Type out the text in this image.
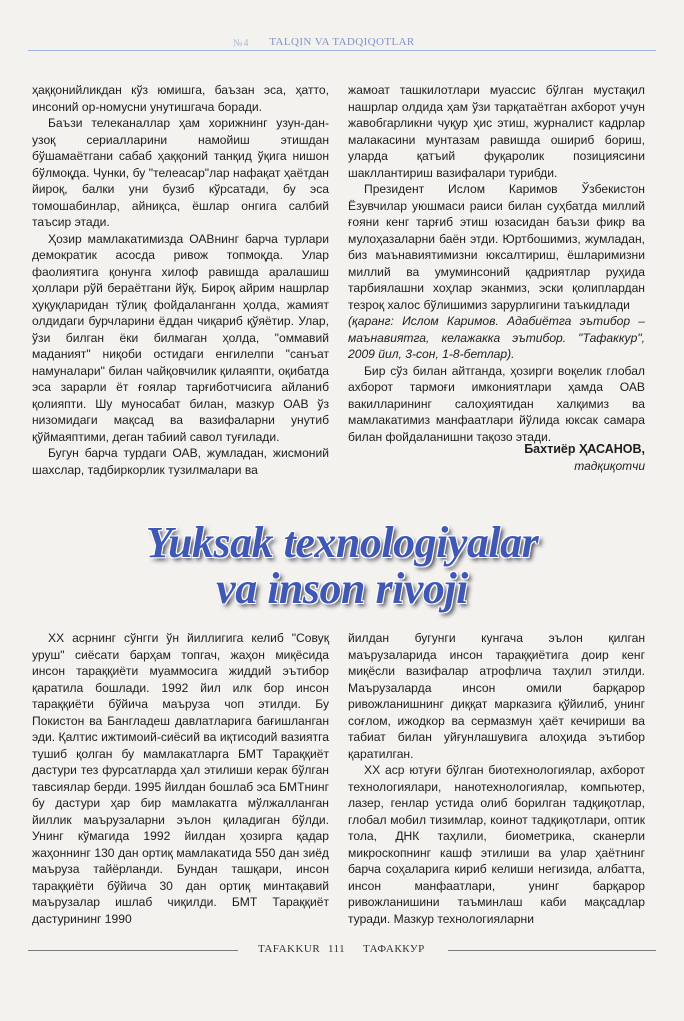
№4	TALQIN VA TADQIQOTLAR

ҳаққонийликдан кўз юмишга, баъзан эса, ҳатто, инсоний ор-номусни унутишгача боради.

Баъзи телеканаллар ҳам хорижнинг узун-дан-узоқ сериалларини намойиш этишдан бўшамаётгани сабаб ҳаққоний танқид ўқига нишон бўлмоқда. Чунки, бу "телеасар"лар нафақат ҳаётдан йироқ, балки уни бузиб кўрсатади, бу эса томошабинлар, айниқса, ёшлар онгига салбий таъсир этади.

Ҳозир мамлакатимизда ОАВнинг барча турлари демократик асосда ривож топмоқда. Улар фаолиятига қонунга хилоф равишда аралашиш ҳоллари рўй бераётгани йўқ. Бироқ айрим нашрлар ҳуқуқларидан тўлиқ фойдаланганн ҳолда, жамият олдидаги бурчларини ёддан чиқариб қўяётир. Улар, ўзи билган ёки билмаган ҳолда, "оммавий маданият" ниқоби остидаги енгилелпи "санъат намуналари" билан чайқовчилик қилаяпти, оқибатда эса зарарли ёт ғоялар тарғиботчисига айланиб қолияпти. Шу муносабат билан, мазкур ОАВ ўз низомидаги мақсад ва вазифаларни унутиб қўймаяптими, деган табиий савол туғилади.

Бугун барча турдаги ОАВ, жумладан, жисмоний шахслар, тадбиркорлик тузилмалари ва

жамоат ташкилотлари муассис бўлган мустақил нашрлар олдида ҳам ўзи тарқатаётган ахборот учун жавобгарликни чуқур ҳис этиш, журналист кадрлар малакасини мунтазам равишда ошириб бориш, уларда қатъий фуқаролик позициясини шакллантириш вазифалари турибди.

Президент Ислом Каримов Ўзбекистон Ёзувчилар уюшмаси раиси билан суҳбатда миллий ғояни кенг тарғиб этиш юзасидан баъзи фикр ва мулоҳазаларни баён этди. Юртбошимиз, жумладан, биз маънавиятимизни юксалтириш, ёшларимизни миллий ва умуминсоний қадриятлар руҳида тарбиялашни хоҳлар эканмиз, эски қолиплардан тезроқ халос бўлишимиз зарурлигини таъкидлади

(қаранг: Ислом Каримов. Адабиётга эътибор – маънавиятга, келажакка эътибор. "Тафаккур", 2009 йил, 3-сон, 1-8-бетлар).

Бир сўз билан айтганда, ҳозирги воқелик глобал ахборот тармоғи имкониятлари ҳамда ОАВ вакилларининг салоҳиятидан халқимиз ва мамлакатимиз манфаатлари йўлида юксак самара билан фойдаланишни тақозо этади.

Бахтиёр ҲАСАНОВ,
тадқиқотчи
Yuksak texnologiyalar
va inson rivoji

XX асрнинг сўнгги ўн йиллигига келиб "Совуқ уруш" сиёсати барҳам топгач, жаҳон миқёсида инсон тараққиёти муаммосига жиддий эътибор қаратила бошлади. 1992 йил илк бор инсон тараққиёти бўйича маъруза чоп этилди. Бу Покистон ва Бангладеш давлатларига бағишланган эди. Қалтис ижтимоий-сиёсий ва иқтисодий вазиятга тушиб қолган бу мамлакатларга БМТ Тараққиёт дастури тез фурсатларда ҳал этилиши керак бўлган тавсиялар берди. 1995 йилдан бошлаб эса БМТнинг бу дастури ҳар бир мамлакатга мўлжалланган йиллик маърузаларни эълон қиладиган бўлди. Унинг кўмагида 1992 йилдан ҳозирга қадар жаҳоннинг 130 дан ортиқ мамлакатида 550 дан зиёд маъруза тайёрланди. Бундан ташқари, инсон тараққиёти бўйича 30 дан ортиқ минтақавий маърузалар ишлаб чиқилди. БМТ Тараққиёт дастурининг 1990

йилдан бугунги кунгача эълон қилган маърузаларида инсон тараққиётига доир кенг миқёсли вазифалар атрофлича таҳлил этилди. Маърузаларда инсон омили барқарор ривожланишнинг диққат марказига қўйилиб, унинг соғлом, ижодкор ва сермазмун ҳаёт кечириши ва табиат билан уйғунлашувига алоҳида эътибор қаратилган.

XX аср ютуғи бўлган биотехнологиялар, ахборот технологиялари, нанотехнологиялар, компьютер, лазер, генлар устида олиб борилган тадқиқотлар, глобал мобил тизимлар, коинот тадқиқотлари, оптик тола, ДНК таҳлили, биометрика, сканерли микроскопнинг кашф этилиши ва улар ҳаётнинг барча соҳаларига кириб келиши негизида, албатта, инсон манфаатлари, унинг барқарор ривожланишини таъминлаш каби мақсадлар туради. Мазкур технологияларни

TAFAKKUR 111 ТАФАККУР
